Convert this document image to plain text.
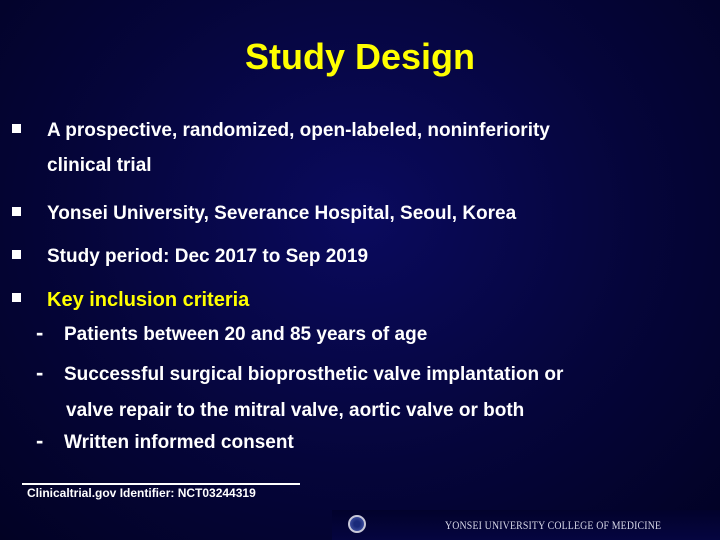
Study Design
A prospective, randomized, open-labeled, noninferiority
clinical trial
Yonsei University, Severance Hospital, Seoul, Korea
Study period: Dec 2017 to Sep 2019
Key inclusion criteria
- Patients between 20 and 85 years of age
- Successful surgical bioprosthetic valve implantation or
valve repair to the mitral valve, aortic valve or both
- Written informed consent
Clinicaltrial.gov Identifier: NCT03244319
YONSEI UNIVERSITY COLLEGE OF MEDICINE
